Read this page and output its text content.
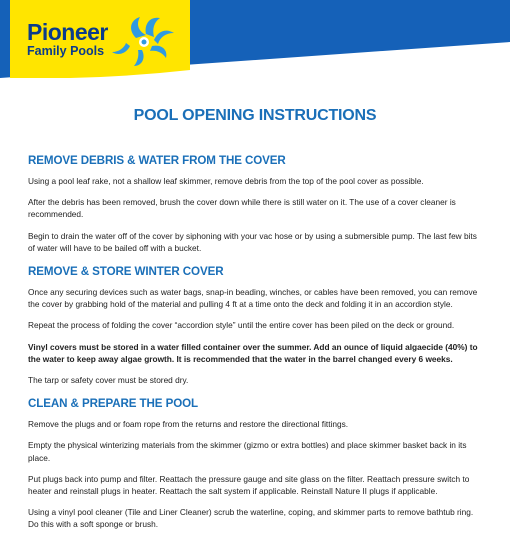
Pioneer
Family Pools
POOL OPENING INSTRUCTIONS
REMOVE DEBRIS & WATER FROM THE COVER

Using a pool leaf rake, not a shallow leaf skimmer, remove debris from the top of the pool cover as possible.

After the debris has been removed, brush the cover down while there is still water on it. The use of a cover cleaner is recommended.

Begin to drain the water off of the cover by siphoning with your vac hose or by using a submersible pump. The last few bits of water will have to be bailed off with a bucket.

REMOVE & STORE WINTER COVER

Once any securing devices such as water bags, snap-in beading, winches, or cables have been removed, you can remove the cover by grabbing hold of the material and pulling 4 ft at a time onto the deck and folding it in an accordion style.

Repeat the process of folding the cover “accordion style” until the entire cover has been piled on the deck or ground.

Vinyl covers must be stored in a water filled container over the summer. Add an ounce of liquid algaecide (40%) to the water to keep away algae growth. It is recommended that the water in the barrel changed every 6 weeks.

The tarp or safety cover must be stored dry.

CLEAN & PREPARE THE POOL

Remove the plugs and or foam rope from the returns and restore the directional fittings.

Empty the physical winterizing materials from the skimmer (gizmo or extra bottles) and place skimmer basket back in its place.

Put plugs back into pump and filter. Reattach the pressure gauge and site glass on the filter. Reattach pressure switch to heater and reinstall plugs in heater. Reattach the salt system if applicable. Reinstall Nature II plugs if applicable.

Using a vinyl pool cleaner (Tile and Liner Cleaner) scrub the waterline, coping, and skimmer parts to remove bathtub ring. Do this with a soft sponge or brush.
